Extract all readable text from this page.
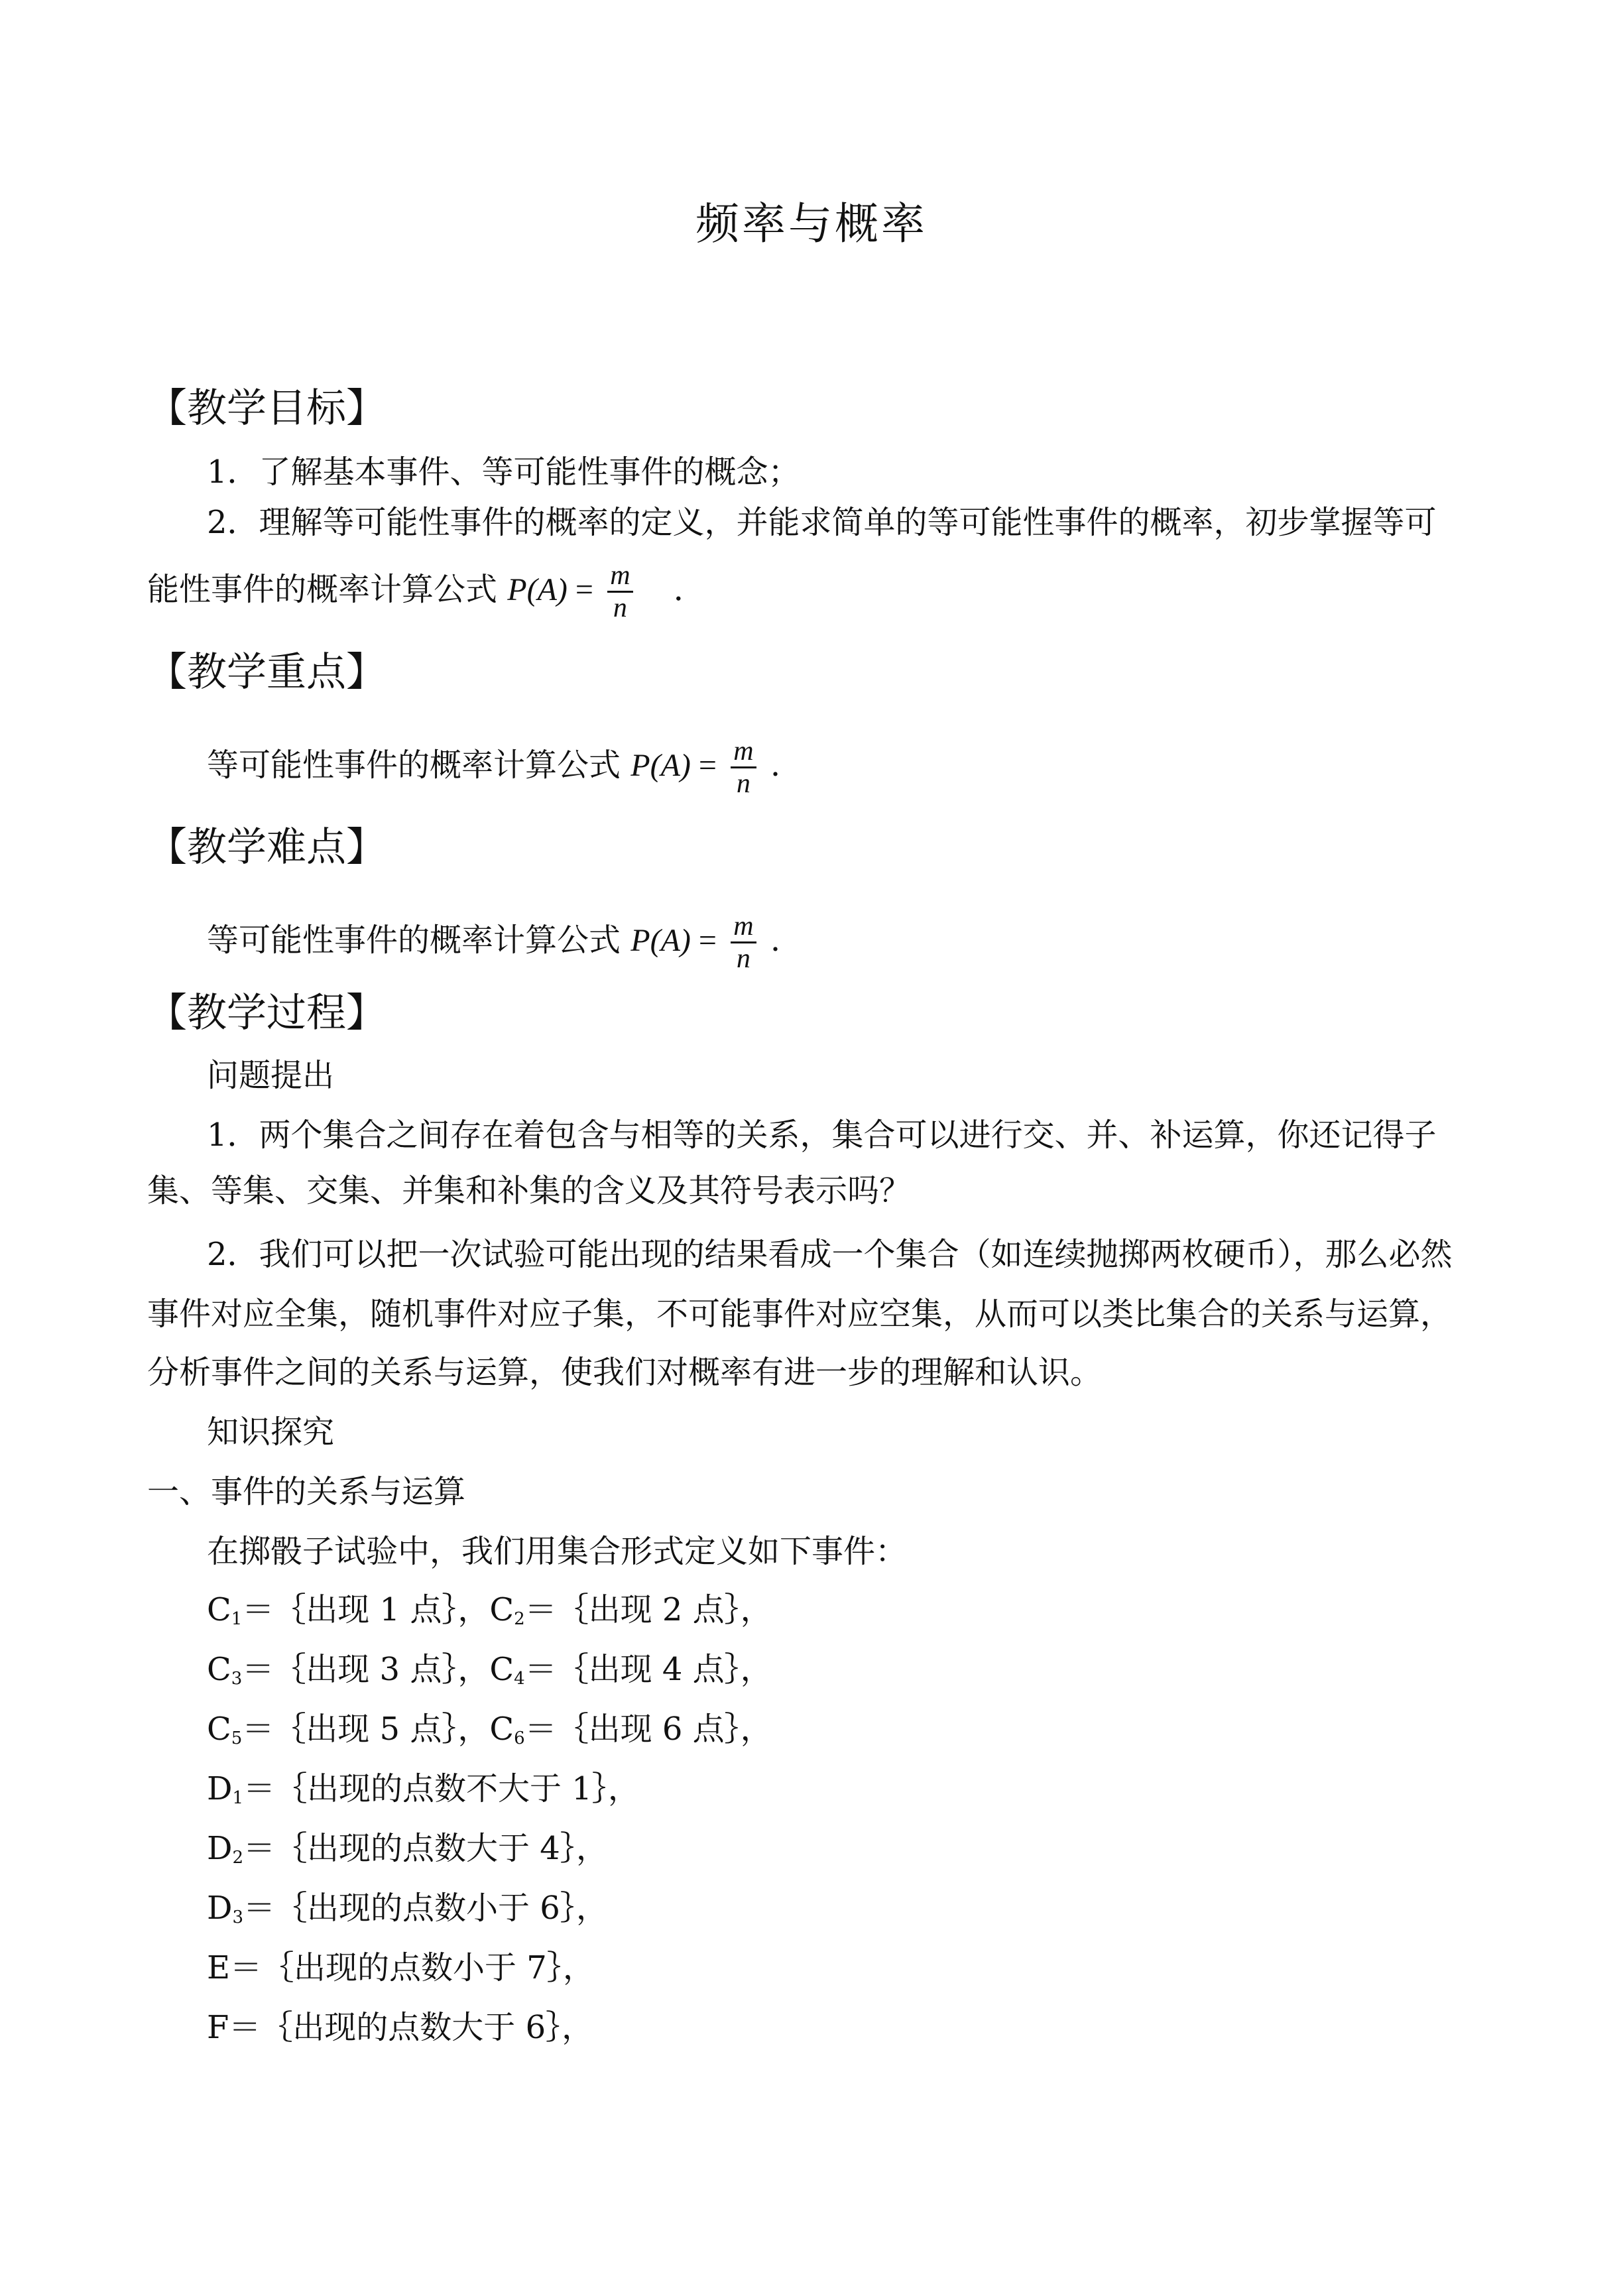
频率与概率
【教学目标】
1．了解基本事件、等可能性事件的概念；
2．理解等可能性事件的概率的定义，并能求简单的等可能性事件的概率，初步掌握等可
能性事件的概率计算公式 $P(A) = \frac{m}{n}$ ．
【教学重点】
等可能性事件的概率计算公式 $P(A) = \frac{m}{n}$ .
【教学难点】
等可能性事件的概率计算公式 $P(A) = \frac{m}{n}$ .
【教学过程】
问题提出
1．两个集合之间存在着包含与相等的关系，集合可以进行交、并、补运算，你还记得子
集、等集、交集、并集和补集的含义及其符号表示吗？
2．我们可以把一次试验可能出现的结果看成一个集合（如连续抛掷两枚硬币），那么必然
事件对应全集，随机事件对应子集，不可能事件对应空集，从而可以类比集合的关系与运算，
分析事件之间的关系与运算，使我们对概率有进一步的理解和认识。
知识探究
一、事件的关系与运算
在掷骰子试验中，我们用集合形式定义如下事件：
$C_1=\{$出现 1 点｝，$C_2=\{$出现 2 点｝，
$C_3=\{$出现 3 点｝，$C_4=\{$出现 4 点｝，
$C_5=\{$出现 5 点｝，$C_6=\{$出现 6 点｝，
$D_1=\{$出现的点数不大于 1｝，
$D_2=\{$出现的点数大于 4｝，
$D_3=\{$出现的点数小于 6｝，
E＝｛出现的点数小于 7｝，
F＝｛出现的点数大于 6｝，
